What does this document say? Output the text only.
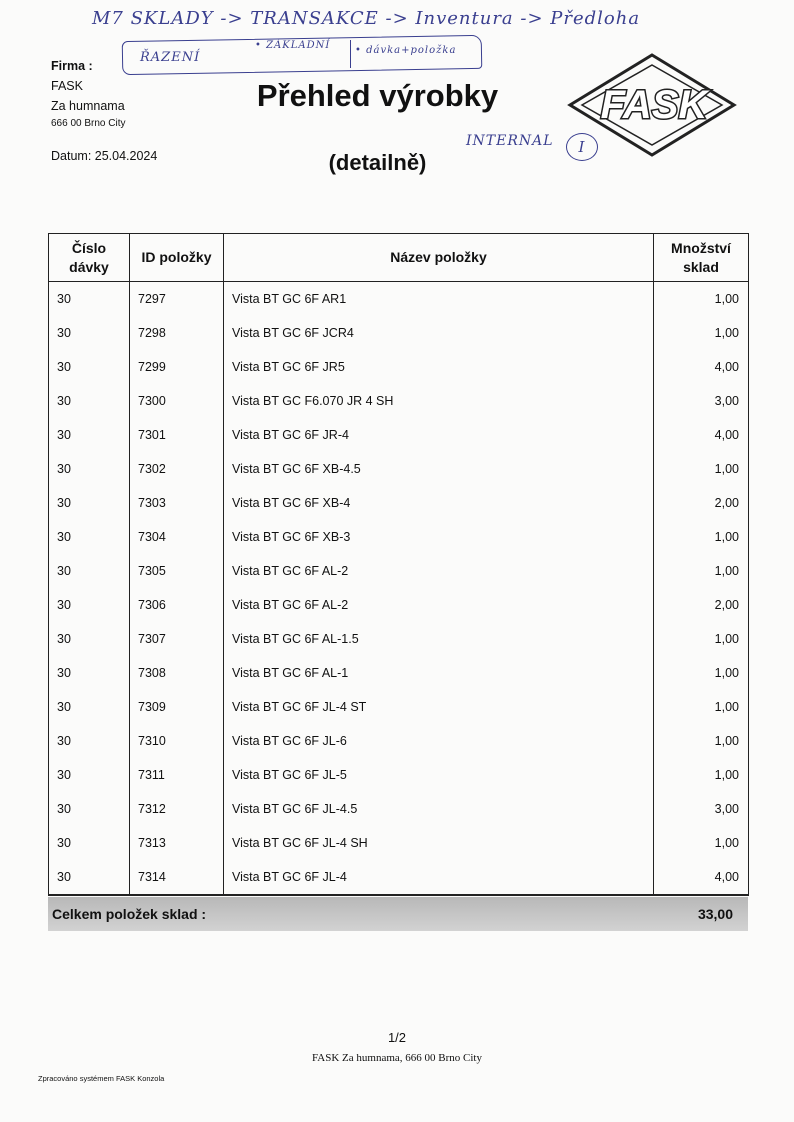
M7 SKLADY -> TRANSAKCE -> Inventura -> Předloha
ŘAZENÍ
• ZÁKLADNÍ • dávka+položka
INTERNAL	I
Firma :
FASK
Za humnama
666 00 Brno City
Datum: 25.04.2024
Přehled výrobky
(detailně)
FASK
Číslo
dávky	ID položky	Název položky	Množství
sklad
30	7297	Vista BT GC 6F AR1	1,00
30	7298	Vista BT GC 6F JCR4	1,00
30	7299	Vista BT GC 6F JR5	4,00
30	7300	Vista BT GC F6.070 JR 4 SH	3,00
30	7301	Vista BT GC 6F JR-4	4,00
30	7302	Vista BT GC 6F XB-4.5	1,00
30	7303	Vista BT GC 6F XB-4	2,00
30	7304	Vista BT GC 6F XB-3	1,00
30	7305	Vista BT GC 6F AL-2	1,00
30	7306	Vista BT GC 6F AL-2	2,00
30	7307	Vista BT GC 6F AL-1.5	1,00
30	7308	Vista BT GC 6F AL-1	1,00
30	7309	Vista BT GC 6F JL-4 ST	1,00
30	7310	Vista BT GC 6F JL-6	1,00
30	7311	Vista BT GC 6F JL-5	1,00
30	7312	Vista BT GC 6F JL-4.5	3,00
30	7313	Vista BT GC 6F JL-4 SH	1,00
30	7314	Vista BT GC 6F JL-4	4,00
Celkem položek sklad :	33,00
1/2
FASK Za humnama, 666 00 Brno City
Zpracováno systémem FASK Konzola
